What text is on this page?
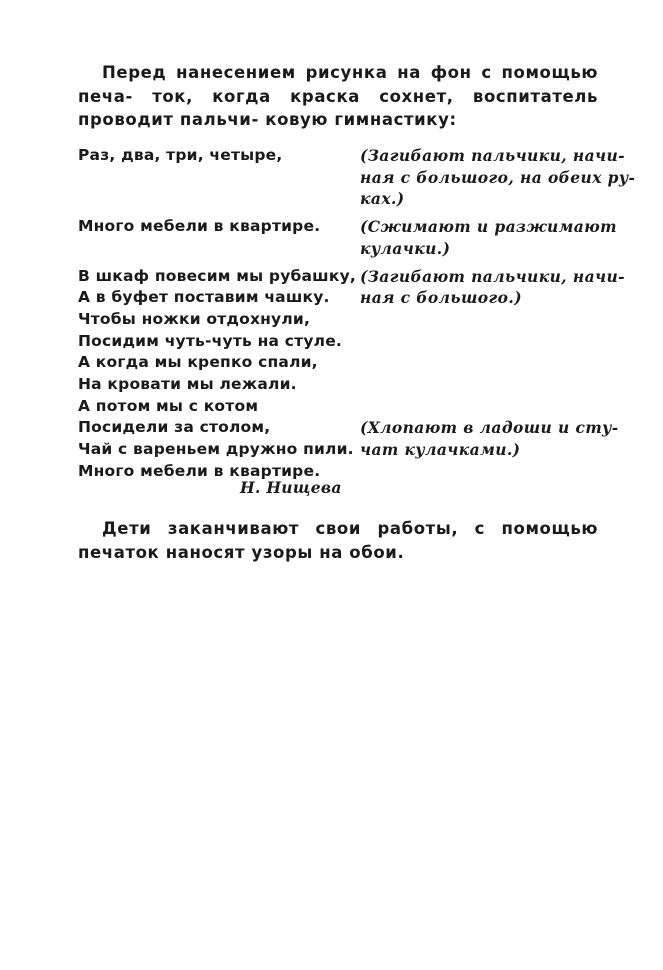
Перед нанесением рисунка на фон с помощью печа- ток, когда краска сохнет, воспитатель проводит пальчи- ковую гимнастику:
Раз, два, три, четыре,	(Загибают пальчики, начи-
ная с большого, на обеих ру-
ках.)
Много мебели в квартире.	(Сжимают и разжимают
кулачки.)
В шкаф повесим мы рубашку,
А в буфет поставим чашку.
Чтобы ножки отдохнули,
Посидим чуть-чуть на стуле.
А когда мы крепко спали,
На кровати мы лежали.
А потом мы с котом
Посидели за столом,
Чай с вареньем дружно пили.
Много мебели в квартире.
(Загибают пальчики, начи-
ная с большого.)
(Хлопают в ладоши и сту-
чат кулачками.)
Н. Нищева
Дети заканчивают свои работы, с помощью печаток наносят узоры на обои.
